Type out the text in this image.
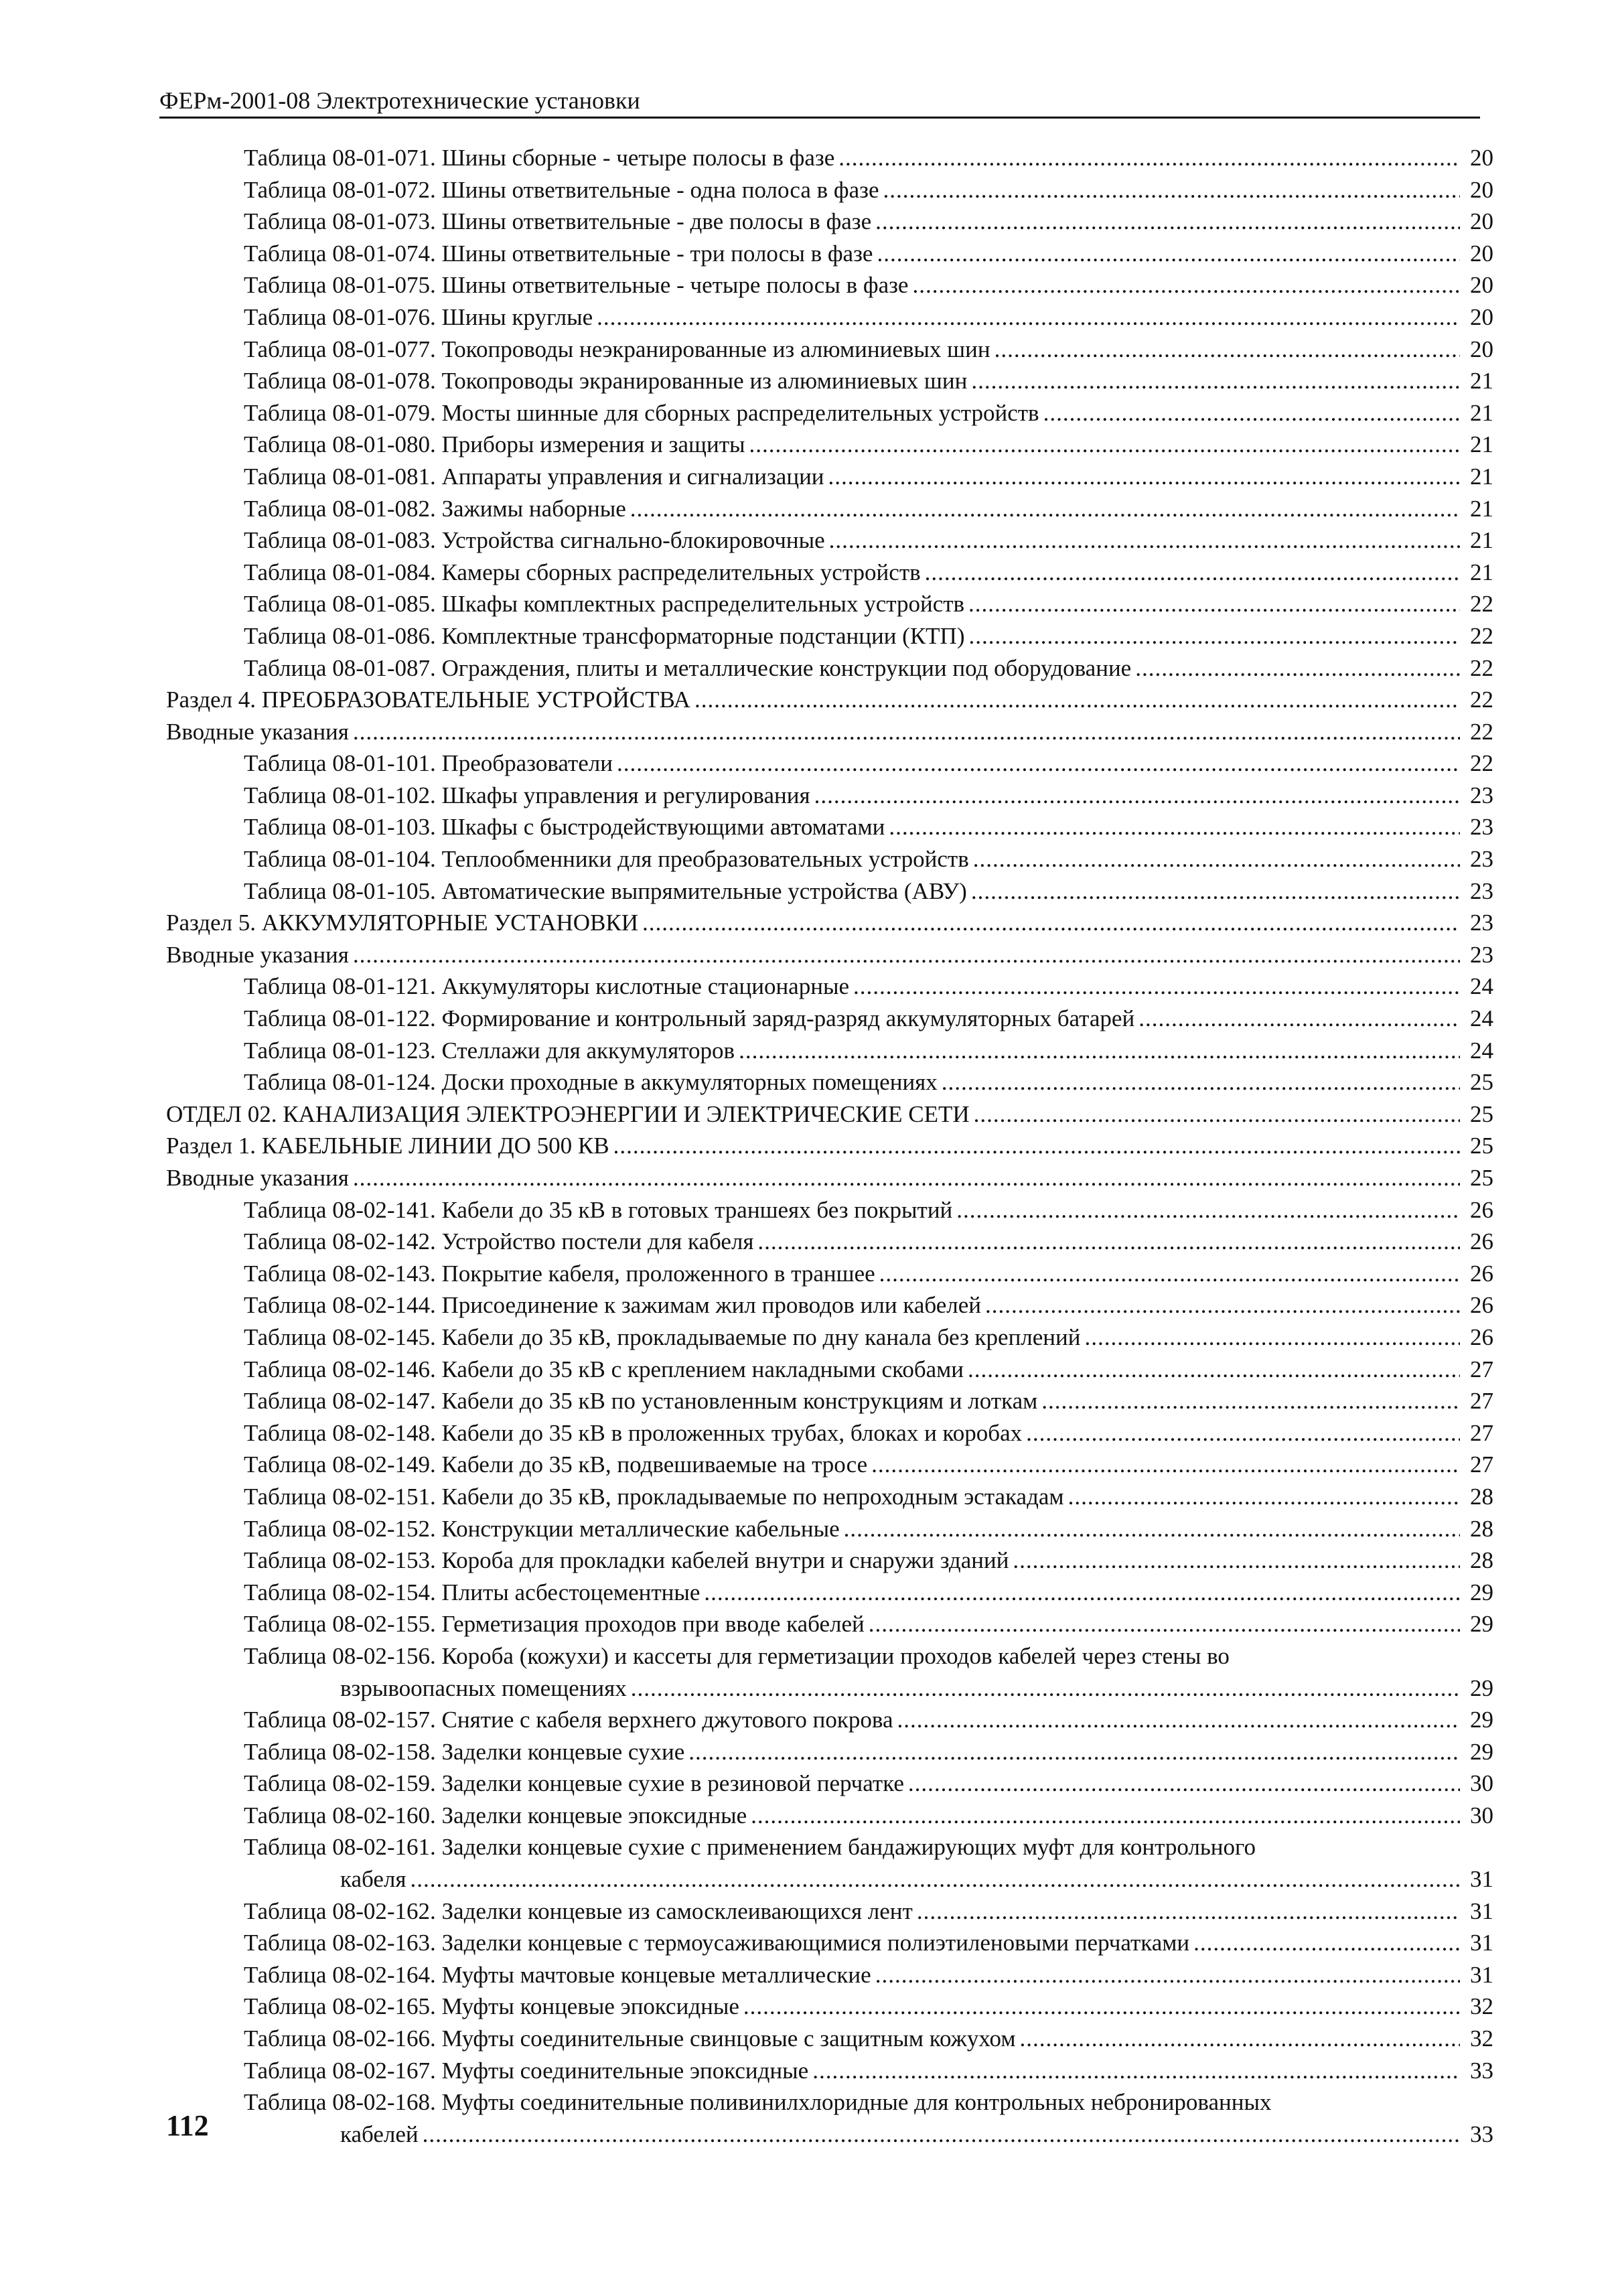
ФЕРм-2001-08 Электротехнические установки
Таблица 08-01-071. Шины сборные - четыре полосы в фазе .....	20
Таблица 08-01-072. Шины ответвительные - одна полоса в фазе .....	20
Таблица 08-01-073. Шины ответвительные - две полосы в фазе .....	20
Таблица 08-01-074. Шины ответвительные - три полосы в фазе .....	20
Таблица 08-01-075. Шины ответвительные - четыре полосы в фазе .....	20
Таблица 08-01-076. Шины круглые .....	20
Таблица 08-01-077. Токопроводы неэкранированные из алюминиевых шин .....	20
Таблица 08-01-078. Токопроводы экранированные из алюминиевых шин .....	21
Таблица 08-01-079. Мосты шинные для сборных распределительных устройств .....	21
Таблица 08-01-080. Приборы измерения и защиты .....	21
Таблица 08-01-081. Аппараты управления и сигнализации .....	21
Таблица 08-01-082. Зажимы наборные .....	21
Таблица 08-01-083. Устройства сигнально-блокировочные .....	21
Таблица 08-01-084. Камеры сборных распределительных устройств .....	21
Таблица 08-01-085. Шкафы комплектных распределительных устройств .....	22
Таблица 08-01-086. Комплектные трансформаторные подстанции (КТП) .....	22
Таблица 08-01-087. Ограждения, плиты и металлические конструкции под оборудование .....	22
Раздел 4. ПРЕОБРАЗОВАТЕЛЬНЫЕ УСТРОЙСТВА .....	22
Вводные указания .....	22
Таблица 08-01-101. Преобразователи .....	22
Таблица 08-01-102. Шкафы управления и регулирования .....	23
Таблица 08-01-103. Шкафы с быстродействующими автоматами .....	23
Таблица 08-01-104. Теплообменники для преобразовательных устройств .....	23
Таблица 08-01-105. Автоматические выпрямительные устройства (АВУ) .....	23
Раздел 5. АККУМУЛЯТОРНЫЕ УСТАНОВКИ .....	23
Вводные указания .....	23
Таблица 08-01-121. Аккумуляторы кислотные стационарные .....	24
Таблица 08-01-122. Формирование и контрольный заряд-разряд аккумуляторных батарей .....	24
Таблица 08-01-123. Стеллажи для аккумуляторов .....	24
Таблица 08-01-124. Доски проходные в аккумуляторных помещениях .....	25
ОТДЕЛ 02. КАНАЛИЗАЦИЯ ЭЛЕКТРОЭНЕРГИИ И ЭЛЕКТРИЧЕСКИЕ СЕТИ .....	25
Раздел 1. КАБЕЛЬНЫЕ ЛИНИИ ДО 500 КВ .....	25
Вводные указания .....	25
Таблица 08-02-141. Кабели до 35 кВ в готовых траншеях без покрытий .....	26
Таблица 08-02-142. Устройство постели для кабеля .....	26
Таблица 08-02-143. Покрытие кабеля, проложенного в траншее .....	26
Таблица 08-02-144. Присоединение к зажимам жил проводов или кабелей .....	26
Таблица 08-02-145. Кабели до 35 кВ, прокладываемые по дну канала без креплений .....	26
Таблица 08-02-146. Кабели до 35 кВ с креплением накладными скобами .....	27
Таблица 08-02-147. Кабели до 35 кВ по установленным конструкциям и лоткам .....	27
Таблица 08-02-148. Кабели до 35 кВ в проложенных трубах, блоках и коробах .....	27
Таблица 08-02-149. Кабели до 35 кВ, подвешиваемые на тросе .....	27
Таблица 08-02-151. Кабели до 35 кВ, прокладываемые по непроходным эстакадам .....	28
Таблица 08-02-152. Конструкции металлические кабельные .....	28
Таблица 08-02-153. Короба для прокладки кабелей внутри и снаружи зданий .....	28
Таблица 08-02-154. Плиты асбестоцементные .....	29
Таблица 08-02-155. Герметизация проходов при вводе кабелей .....	29
Таблица 08-02-156. Короба (кожухи) и кассеты для герметизации проходов кабелей через стены во
взрывоопасных помещениях .....	29
Таблица 08-02-157. Снятие с кабеля верхнего джутового покрова .....	29
Таблица 08-02-158. Заделки концевые сухие .....	29
Таблица 08-02-159. Заделки концевые сухие в резиновой перчатке .....	30
Таблица 08-02-160. Заделки концевые эпоксидные .....	30
Таблица 08-02-161. Заделки концевые сухие с применением бандажирующих муфт для контрольного
кабеля .....	31
Таблица 08-02-162. Заделки концевые из самосклеивающихся лент .....	31
Таблица 08-02-163. Заделки концевые с термоусаживающимися полиэтиленовыми перчатками .....	31
Таблица 08-02-164. Муфты мачтовые концевые металлические .....	31
Таблица 08-02-165. Муфты концевые эпоксидные .....	32
Таблица 08-02-166. Муфты соединительные свинцовые с защитным кожухом .....	32
Таблица 08-02-167. Муфты соединительные эпоксидные .....	33
Таблица 08-02-168. Муфты соединительные поливинилхлоридные для контрольных небронированных
кабелей .....	33
112
